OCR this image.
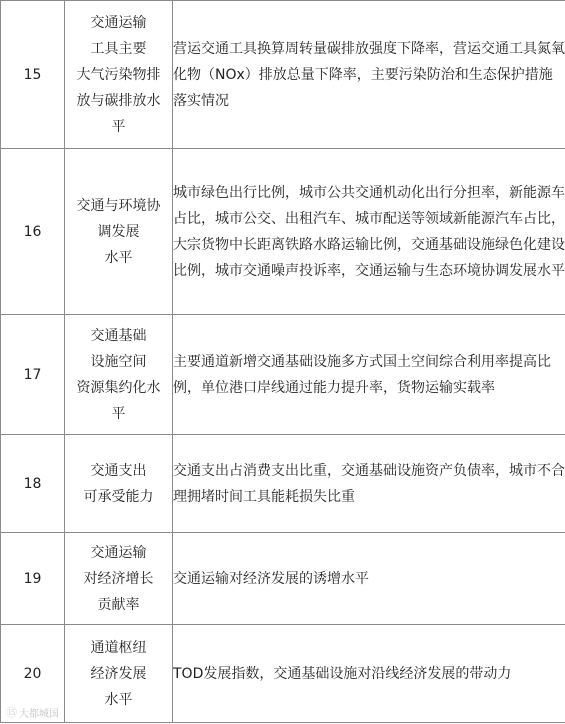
15	交通运输
工具主要
大气污染物排
放与碳排放水
平	营运交通工具换算周转量碳排放强度下降率，营运交通工具氮氧化物（NOx）排放总量下降率，主要污染防治和生态保护措施落实情况
16	交通与环境协
调发展
水平	城市绿色出行比例，城市公共交通机动化出行分担率，新能源车占比，城市公交、出租汽车、城市配送等领域新能源汽车占比，大宗货物中长距离铁路水路运输比例，交通基础设施绿色化建设比例，城市交通噪声投诉率，交通运输与生态环境协调发展水平
17	交通基础
设施空间
资源集约化水
平	主要通道新增交通基础设施多方式国土空间综合利用率提高比例，单位港口岸线通过能力提升率，货物运输实载率
18	交通支出
可承受能力	交通支出占消费支出比重，交通基础设施资产负债率，城市不合理拥堵时间工具能耗损失比重
19	交通运输
对经济增长
贡献率	交通运输对经济发展的诱增水平
20	通道枢纽
经济发展
水平	TOD发展指数，交通基础设施对沿线经济发展的带动力
⑮ 大都城国
